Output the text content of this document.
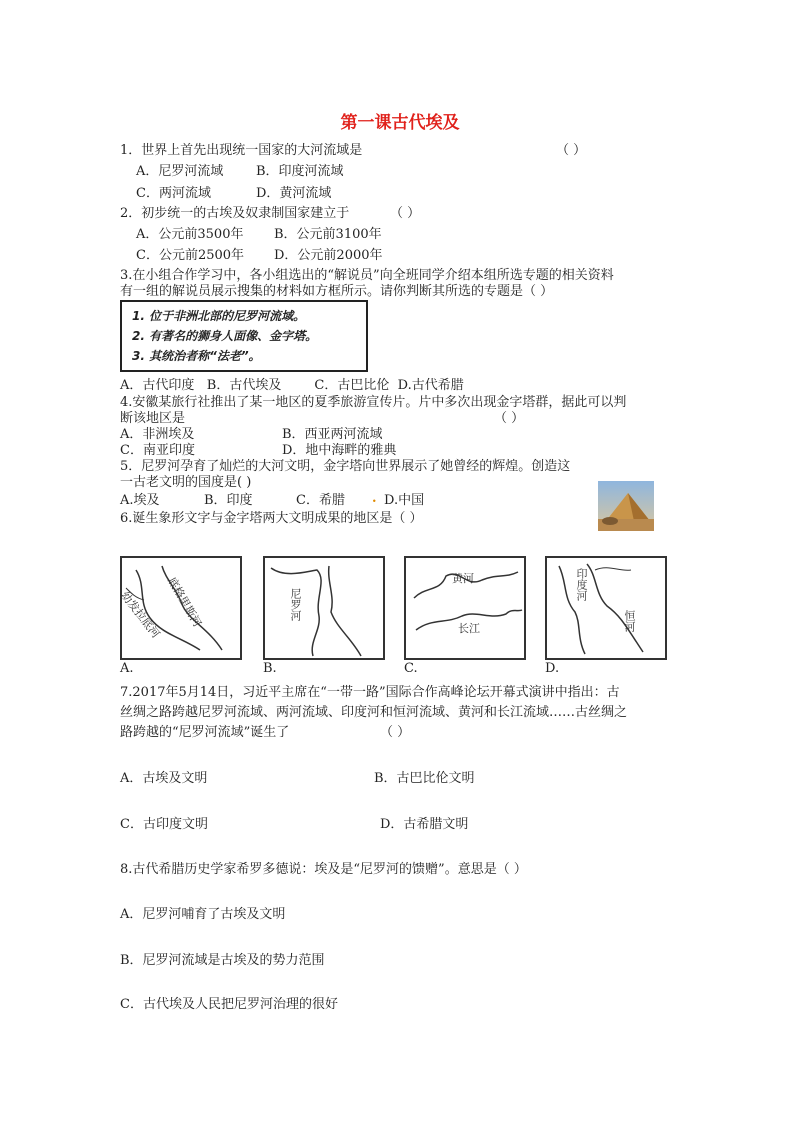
第一课古代埃及
1．世界上首先出现统一国家的大河流域是	（ ）
A．尼罗河流域	B．印度河流域
C．两河流域	D．黄河流域
2．初步统一的古埃及奴隶制国家建立于	（ ）
A．公元前3500年 B．公元前3100年
C．公元前2500年 D．公元前2000年
3.在小组合作学习中，各小组选出的“解说员”向全班同学介绍本组所选专题的相关资料
有一组的解说员展示搜集的材料如方框所示。请你判断其所选的专题是（ ）
1. 位于非洲北部的尼罗河流域。
2. 有著名的狮身人面像、金字塔。
3. 其统治者称“法老”。
A．古代印度   B．古代埃及        C．古巴比伦  D.古代希腊
4.安徽某旅行社推出了某一地区的夏季旅游宣传片。片中多次出现金字塔群，据此可以判
断该地区是	（ ）
A．非洲埃及	B．西亚两河流域
C．南亚印度	D．地中海畔的雅典
5．尼罗河孕育了灿烂的大河文明，金字塔向世界展示了她曾经的辉煌。创造这
一古老文明的国度是( )
A.埃及	B．印度	C．希腊 . D.中国
6.诞生象形文字与金字塔两大文明成果的地区是（ ）
幼发拉底河 底格里斯河
A.
尼罗河
B.
黄河
长江
C.
印度河
恒河
D.
7.2017年5月14日，习近平主席在“一带一路”国际合作高峰论坛开幕式演讲中指出：古
丝绸之路跨越尼罗河流域、两河流域、印度河和恒河流域、黄河和长江流域……古丝绸之
路跨越的“尼罗河流域”诞生了	（ ）
A．古埃及文明	B．古巴比伦文明
C．古印度文明	D．古希腊文明
8.古代希腊历史学家希罗多德说：埃及是“尼罗河的馈赠”。意思是（ ）
A．尼罗河哺育了古埃及文明
B．尼罗河流域是古埃及的势力范围
C．古代埃及人民把尼罗河治理的很好
